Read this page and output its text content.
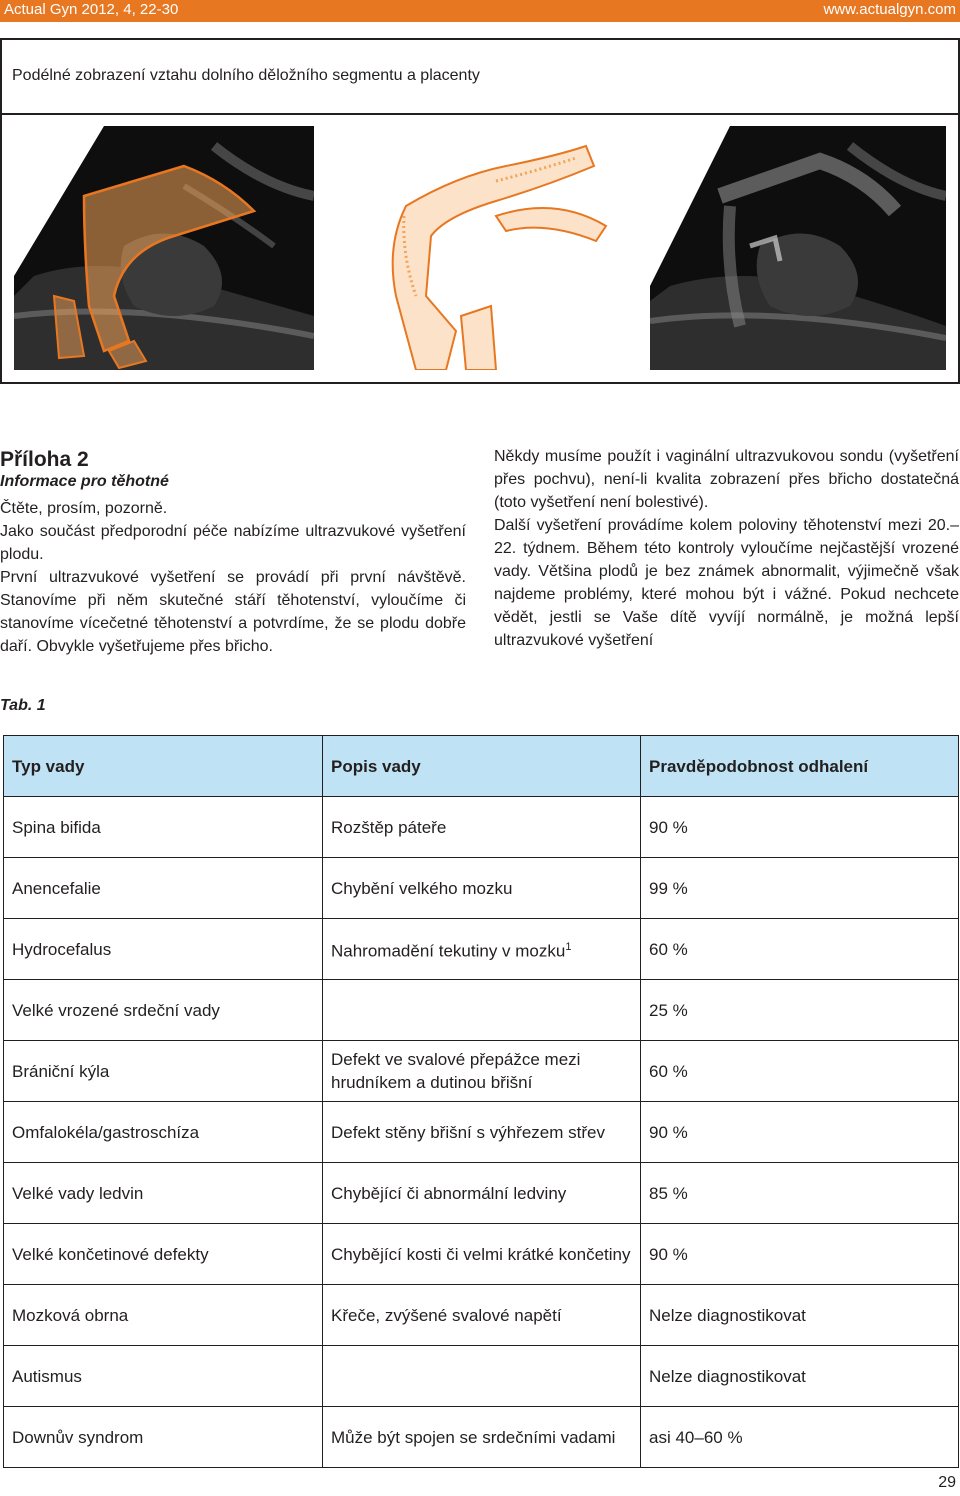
Actual Gyn 2012, 4, 22-30	www.actualgyn.com
Podélné zobrazení vztahu dolního děložního segmentu a placenty
Příloha 2
Informace pro těhotné
Čtěte, prosím, pozorně.
Jako součást předporodní péče nabízíme ultrazvukové vyšetření plodu.
První ultrazvukové vyšetření se provádí při první návštěvě. Stanovíme při něm skutečné stáří těhotenství, vyloučíme či stanovíme vícečetné těhotenství a potvrdíme, že se plodu dobře daří. Obvykle vyšetřujeme přes břicho.
Někdy musíme použít i vaginální ultrazvukovou sondu (vyšetření přes pochvu), není-li kvalita zobrazení přes břicho dostatečná (toto vyšetření není bolestivé).
Další vyšetření provádíme kolem poloviny těhotenství mezi 20.–22. týdnem. Během této kontroly vyloučíme nejčastější vrozené vady. Většina plodů je bez známek abnormalit, výjimečně však najdeme problémy, které mohou být i vážné. Pokud nechcete vědět, jestli se Vaše dítě vyvíjí normálně, je možná lepší ultrazvukové vyšetření
Tab. 1
Typ vady	Popis vady	Pravděpodobnost odhalení
Spina bifida	Rozštěp páteře	90 %
Anencefalie	Chybění velkého mozku	99 %
Hydrocefalus	Nahromadění tekutiny v mozku$^1$	60 %
Velké vrozené srdeční vady		25 %
Brániční kýla	Defekt ve svalové přepážce mezi hrudníkem a dutinou břišní	60 %
Omfalokéla/gastroschíza	Defekt stěny břišní s výhřezem střev	90 %
Velké vady ledvin	Chybějící či abnormální ledviny	85 %
Velké končetinové defekty	Chybějící kosti či velmi krátké končetiny	90 %
Mozková obrna	Křeče, zvýšené svalové napětí	Nelze diagnostikovat
Autismus		Nelze diagnostikovat
Downův syndrom	Může být spojen se srdečními vadami	asi 40–60 %
29
